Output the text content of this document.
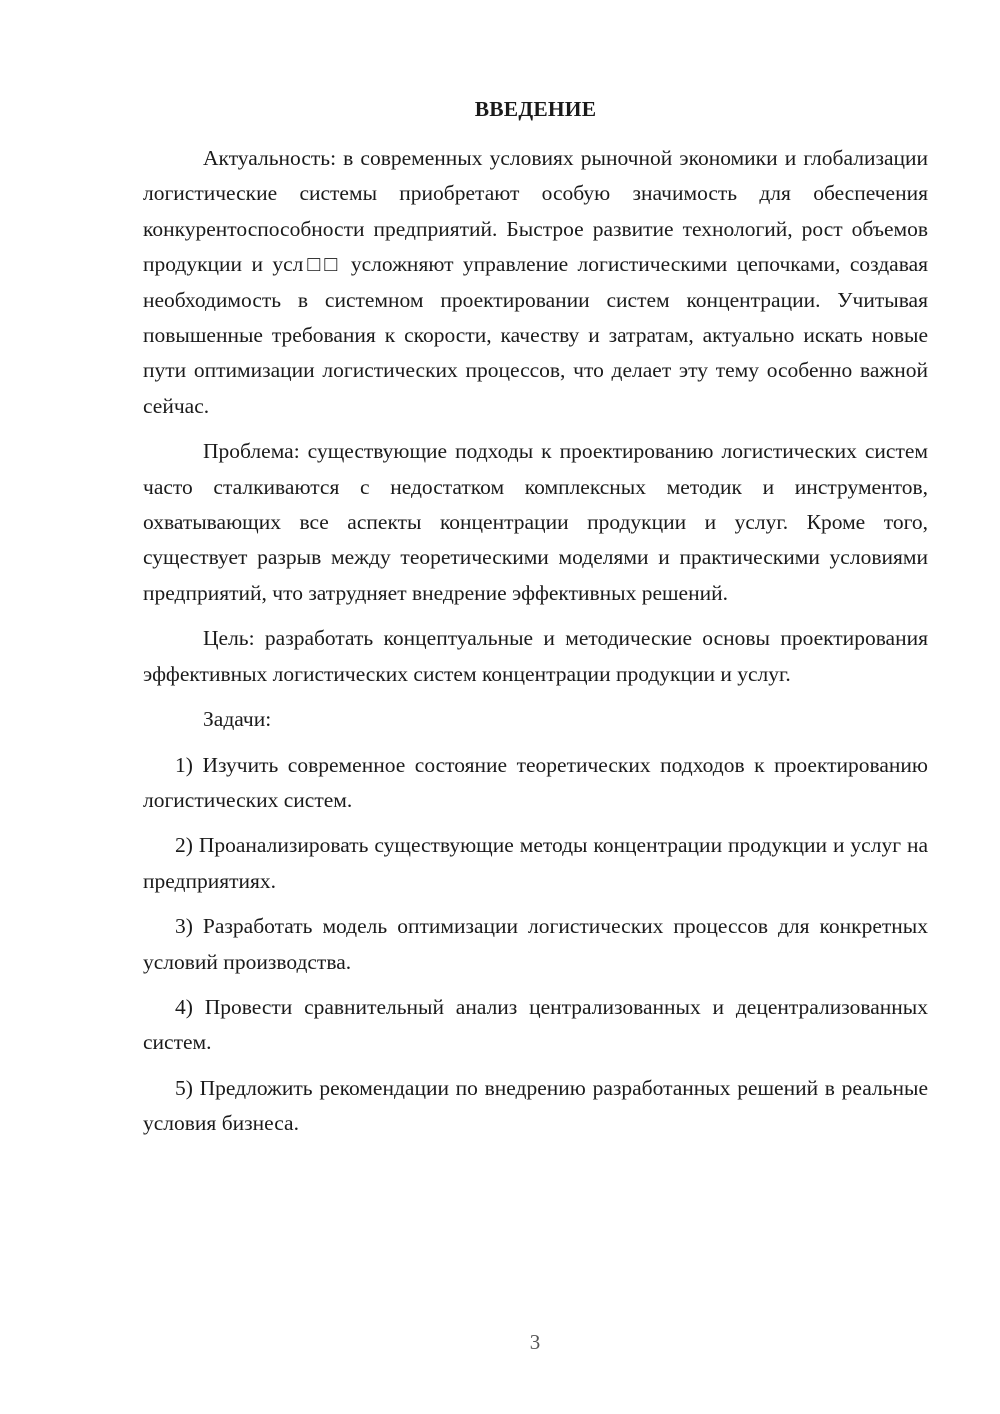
ВВЕДЕНИЕ

Актуальность: в современных условиях рыночной экономики и глобализации логистические системы приобретают особую значимость для обеспечения конкурентоспособности предприятий. Быстрое развитие технологий, рост объемов продукции и усл□□ усложняют управление логистическими цепочками, создавая необходимость в системном проектировании систем концентрации. Учитывая повышенные требования к скорости, качеству и затратам, актуально искать новые пути оптимизации логистических процессов, что делает эту тему особенно важной сейчас.

Проблема: существующие подходы к проектированию логистических систем часто сталкиваются с недостатком комплексных методик и инструментов, охватывающих все аспекты концентрации продукции и услуг. Кроме того, существует разрыв между теоретическими моделями и практическими условиями предприятий, что затрудняет внедрение эффективных решений.

Цель: разработать концептуальные и методические основы проектирования эффективных логистических систем концентрации продукции и услуг.

Задачи:

1) Изучить современное состояние теоретических подходов к проектированию логистических систем.

2) Проанализировать существующие методы концентрации продукции и услуг на предприятиях.

3) Разработать модель оптимизации логистических процессов для конкретных условий производства.

4) Провести сравнительный анализ централизованных и децентрализованных систем.

5) Предложить рекомендации по внедрению разработанных решений в реальные условия бизнеса.

3
